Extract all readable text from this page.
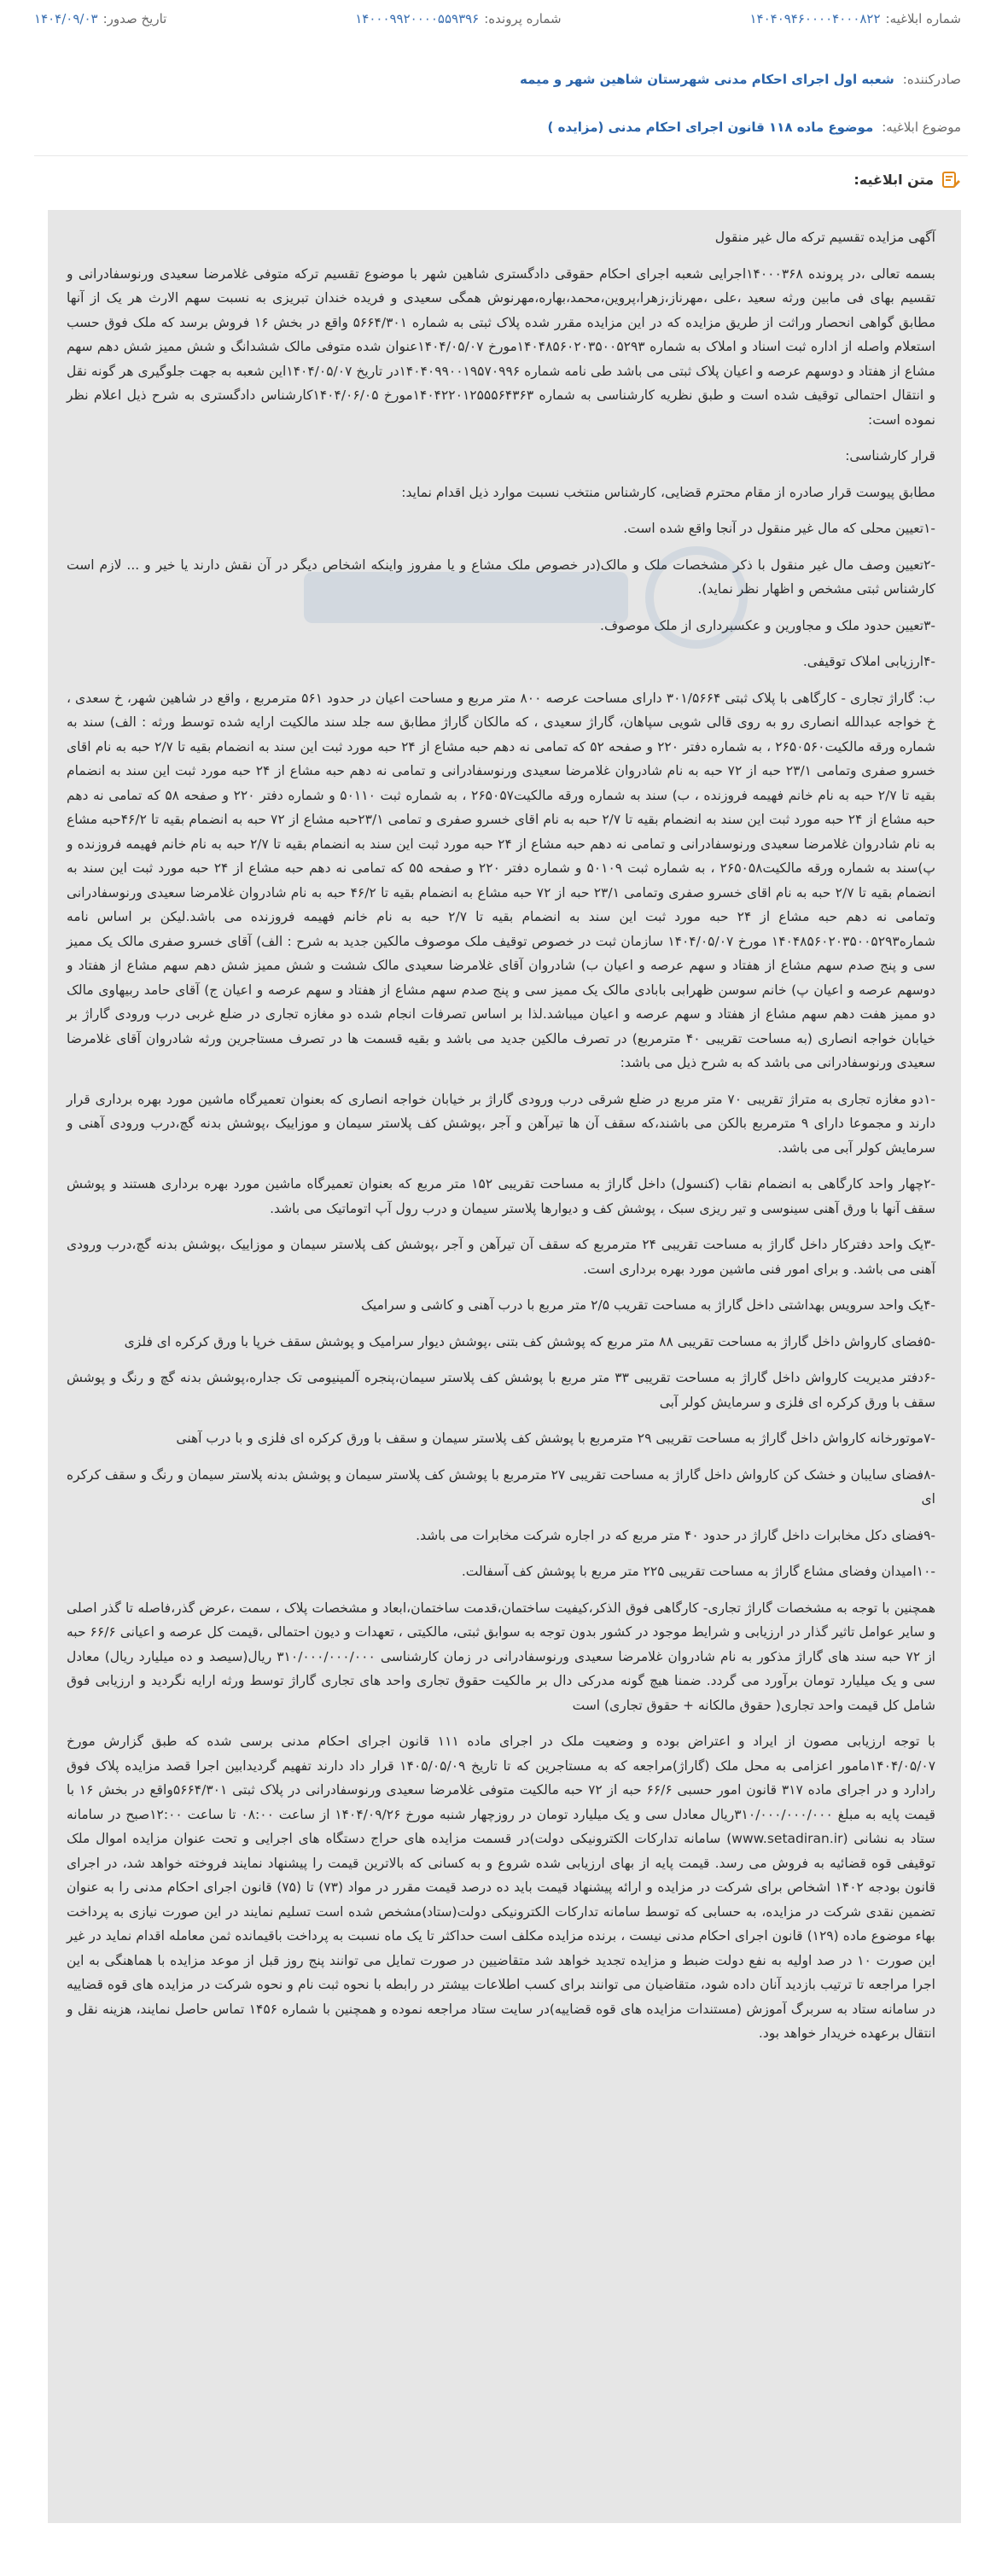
شماره ابلاغیه:
۱۴۰۴۰۹۴۶۰۰۰۰۴۰۰۰۸۲۲
شماره پرونده:
۱۴۰۰۰۹۹۲۰۰۰۰۵۵۹۳۹۶
تاریخ صدور:
۱۴۰۴/۰۹/۰۳
صادرکننده:
شعبه اول اجرای احکام مدنی شهرستان شاهین شهر و میمه
موضوع ابلاغیه:
موضوع ماده ۱۱۸ قانون اجرای احکام مدنی (مزایده )
متن ابلاغیه:

آگهی مزایده تقسیم ترکه مال غیر منقول

بسمه تعالی ،در پرونده ۱۴۰۰۰۳۶۸اجرایی شعبه اجرای احکام حقوقی دادگستری شاهین شهر با موضوع تقسیم ترکه متوفی غلامرضا سعیدی ورنوسفادرانی و تقسیم بهای فی مابین ورثه سعید ،علی ،مهرناز،زهرا،پروین،محمد،بهاره،مهرنوش همگی سعیدی و فریده خندان تبریزی به نسبت سهم الارث هر یک از آنها مطابق گواهی انحصار وراثت از طریق مزایده که در این مزایده مقرر شده پلاک ثبتی به شماره ۵۶۶۴/۳۰۱ واقع در بخش ۱۶ فروش برسد که ملک فوق حسب استعلام واصله از اداره ثبت اسناد و املاک به شماره ۱۴۰۴۸۵۶۰۲۰۳۵۰۰۵۲۹۳مورخ ۱۴۰۴/۰۵/۰۷عنوان شده متوفی مالک ششدانگ و شش ممیز شش دهم سهم مشاع از هفتاد و دوسهم عرصه و اعیان پلاک ثبتی می باشد طی نامه شماره ۱۴۰۴۰۹۹۰۰۱۹۵۷۰۹۹۶در تاریخ ۱۴۰۴/۰۵/۰۷این شعبه به جهت جلوگیری هر گونه نقل و انتقال احتمالی توقیف شده است و طبق نظریه کارشناسی به شماره ۱۴۰۴۲۲۰۱۲۵۵۵۶۴۳۶۳مورخ ۱۴۰۴/۰۶/۰۵کارشناس دادگستری به شرح ذیل اعلام نظر نموده است:

قرار کارشناسی:

مطابق پیوست قرار صادره از مقام محترم قضایی، کارشناس منتخب نسبت موارد ذیل اقدام نماید:

-۱تعیین محلی که مال غیر منقول در آنجا واقع شده است.

-۲تعیین وصف مال غیر منقول با ذکر مشخصات ملک و مالک(در خصوص ملک مشاع و یا مفروز واینکه اشخاص دیگر در آن نقش دارند یا خیر و ... لازم است کارشناس ثبتی مشخص و اظهار نظر نماید).

-۳تعیین حدود ملک و مجاورین و عکسبرداری از ملک موصوف.

-۴ارزیابی املاک توقیفی.

ب: گاراژ تجاری - کارگاهی با پلاک ثبتی ۳۰۱/۵۶۶۴ دارای مساحت عرصه ۸۰۰ متر مربع و مساحت اعیان در حدود ۵۶۱ مترمربع ، واقع در شاهین شهر، خ سعدی ، خ خواجه عبدالله انصاری رو به روی قالی شویی سپاهان، گاراژ سعیدی ، که مالکان گاراژ مطابق سه جلد سند مالکیت ارایه شده توسط ورثه : الف) سند به شماره ورقه مالکیت۲۶۵۰۵۶۰ ، به شماره دفتر ۲۲۰ و صفحه ۵۲ که تمامی نه دهم حبه مشاع از ۲۴ حبه مورد ثبت این سند به انضمام بقیه تا ۲/۷ حبه به نام اقای خسرو صفری وتمامی ۲۳/۱ حبه از ۷۲ حبه به نام شادروان غلامرضا سعیدی ورنوسفادرانی و تمامی نه دهم حبه مشاع از ۲۴ حبه مورد ثبت این سند به انضمام بقیه تا ۲/۷ حبه به نام خانم فهیمه فروزنده ، ب) سند به شماره ورقه مالکیت۲۶۵۰۵۷ ، به شماره ثبت ۵۰۱۱۰ و شماره دفتر ۲۲۰ و صفحه ۵۸ که تمامی نه دهم حبه مشاع از ۲۴ حبه مورد ثبت این سند به انضمام بقیه تا ۲/۷ حبه به نام اقای خسرو صفری و تمامی ۲۳/۱حبه مشاع از ۷۲ حبه به انضمام بقیه تا ۴۶/۲حبه مشاع به نام شادروان غلامرضا سعیدی ورنوسفادرانی و تمامی نه دهم حبه مشاع از ۲۴ حبه مورد ثبت این سند به انضمام بقیه تا ۲/۷ حبه به نام خانم فهیمه فروزنده و پ)سند به شماره ورقه مالکیت۲۶۵۰۵۸ ، به شماره ثبت ۵۰۱۰۹ و شماره دفتر ۲۲۰ و صفحه ۵۵ که تمامی نه دهم حبه مشاع از ۲۴ حبه مورد ثبت این سند به انضمام بقیه تا ۲/۷ حبه به نام اقای خسرو صفری وتمامی ۲۳/۱ حبه از ۷۲ حبه مشاع به انضمام بقیه تا ۴۶/۲ حبه به نام شادروان غلامرضا سعیدی ورنوسفادرانی وتمامی نه دهم حبه مشاع از ۲۴ حبه مورد ثبت این سند به انضمام بقیه تا ۲/۷ حبه به نام خانم فهیمه فروزنده می باشد.لیکن بر اساس نامه شماره۱۴۰۴۸۵۶۰۲۰۳۵۰۰۵۲۹۳ مورخ ۱۴۰۴/۰۵/۰۷ سازمان ثبت در خصوص توقیف ملک موصوف مالکین جدید به شرح : الف) آقای خسرو صفری مالک یک ممیز سی و پنج صدم سهم مشاع از هفتاد و سهم عرصه و اعیان ب) شادروان آقای غلامرضا سعیدی مالک ششت و شش ممیز شش دهم سهم مشاع از هفتاد و دوسهم عرصه و اعیان پ) خانم سوسن ظهرابی بابادی مالک یک ممیز سی و پنج صدم سهم مشاع از هفتاد و سهم عرصه و اعیان ج) آقای حامد ربیهاوی مالک دو ممیز هفت دهم سهم مشاع از هفتاد و سهم عرصه و اعیان میباشد.لذا بر اساس تصرفات انجام شده دو مغازه تجاری در ضلع غربی درب ورودی گاراژ بر خیابان خواجه انصاری (به مساحت تقریبی ۴۰ مترمربع) در تصرف مالکین جدید می باشد و بقیه قسمت ها در تصرف مستاجرین ورثه شادروان آقای غلامرضا سعیدی ورنوسفادرانی می باشد که به شرح ذیل می باشد:

-۱دو مغازه تجاری به متراژ تقریبی ۷۰ متر مربع در ضلع شرقی درب ورودی گاراژ بر خیابان خواجه انصاری که بعنوان تعمیرگاه ماشین مورد بهره برداری قرار دارند و مجموعا دارای ۹ مترمربع بالکن می باشند،که سقف آن ها تیرآهن و آجر ،پوشش کف پلاستر سیمان و موزاییک ،پوشش بدنه گچ،درب ورودی آهنی و سرمایش کولر آبی می باشد.

-۲چهار واحد کارگاهی به انضمام نقاب (کنسول) داخل گاراژ به مساحت تقریبی ۱۵۲ متر مربع که بعنوان تعمیرگاه ماشین مورد بهره برداری هستند و پوشش سقف آنها با ورق آهنی سینوسی و تیر ریزی سبک ، پوشش کف و دیوارها پلاستر سیمان و درب رول آپ اتوماتیک می باشد.

-۳یک واحد دفترکار داخل گاراژ به مساحت تقریبی ۲۴ مترمربع که سقف آن تیرآهن و آجر ،پوشش کف پلاستر سیمان و موزاییک ،پوشش بدنه گچ،درب ورودی آهنی می باشد. و برای امور فنی ماشین مورد بهره برداری است.

-۴یک واحد سرویس بهداشتی داخل گاراژ به مساحت تقریب ۲/۵ متر مربع با درب آهنی و کاشی و سرامیک

-۵فضای کارواش داخل گاراژ به مساحت تقریبی ۸۸ متر مربع که پوشش کف بتنی ،پوشش دیوار سرامیک و پوشش سقف خرپا با ورق کرکره ای فلزی

-۶دفتر مدیریت کارواش داخل گاراژ به مساحت تقریبی ۳۳ متر مربع با پوشش کف پلاستر سیمان،پنجره آلمینیومی تک جداره،پوشش بدنه گچ و رنگ و پوشش سقف با ورق کرکره ای فلزی و سرمایش کولر آبی

-۷موتورخانه کارواش داخل گاراژ به مساحت تقریبی ۲۹ مترمربع با پوشش کف پلاستر سیمان و سقف با ورق کرکره ای فلزی و با درب آهنی

-۸فضای سایبان و خشک کن کارواش داخل گاراژ به مساحت تقریبی ۲۷ مترمربع با پوشش کف پلاستر سیمان و پوشش بدنه پلاستر سیمان و رنگ و سقف کرکره ای

-۹فضای دکل مخابرات داخل گاراژ در حدود ۴۰ متر مربع که در اجاره شرکت مخابرات می باشد.

-۱۰امیدان وفضای مشاع گاراژ به مساحت تقریبی ۲۲۵ متر مربع با پوشش کف آسفالت.

همچنین با توجه به مشخصات گاراژ تجاری- کارگاهی فوق الذکر،کیفیت ساختمان،قدمت ساختمان،ابعاد و مشخصات پلاک ، سمت ،عرض گذر،فاصله تا گذر اصلی و سایر عوامل تاثیر گذار در ارزیابی و شرایط موجود در کشور بدون توجه به سوابق ثبتی، مالکیتی ، تعهدات و دیون احتمالی ،قیمت کل عرصه و اعیانی ۶۶/۶ حبه از ۷۲ حبه سند های گاراژ مذکور به نام شادروان غلامرضا سعیدی ورنوسفادرانی در زمان کارشناسی ۳۱۰/۰۰۰/۰۰۰/۰۰۰ ریال(سیصد و ده میلیارد ریال) معادل سی و یک میلیارد تومان برآورد می گردد. ضمنا هیچ گونه مدرکی دال بر مالکیت حقوق تجاری واحد های تجاری گاراژ توسط ورثه ارایه نگردید و ارزیابی فوق شامل کل قیمت واحد تجاری( حقوق مالکانه + حقوق تجاری) است

با توجه ارزیابی مصون از ایراد و اعتراض بوده و وضعیت ملک در اجرای ماده ۱۱۱ قانون اجرای احکام مدنی برسی شده که طبق گزارش مورخ ۱۴۰۴/۰۵/۰۷مامور اعزامی به محل ملک (گاراژ)مراجعه که به مستاجرین که تا تاریخ ۱۴۰۵/۰۵/۰۹ قرار داد دارند تفهیم گردیدابین اجرا قصد مزایده پلاک فوق رادارد و در اجرای ماده ۳۱۷ قانون امور حسبی ۶۶/۶ حبه از ۷۲ حبه مالکیت متوفی غلامرضا سعیدی ورنوسفادرانی در پلاک ثبتی ۵۶۶۴/۳۰۱واقع در بخش ۱۶ با قیمت پایه به مبلغ ۳۱۰/۰۰۰/۰۰۰/۰۰۰ریال معادل سی و یک میلیارد تومان در روزچهار شنبه مورخ ۱۴۰۴/۰۹/۲۶ از ساعت ۰۸:۰۰ تا ساعت ۱۲:۰۰صبح در سامانه ستاد به نشانی (www.setadiran.ir) سامانه تدارکات الکترونیکی دولت)در قسمت مزایده های حراج دستگاه های اجرایی و تحت عنوان مزایده اموال ملک توقیفی قوه قضائیه به فروش می رسد. قیمت پایه از بهای ارزیابی شده شروع و به کسانی که بالاترین قیمت را پیشنهاد نمایند فروخته خواهد شد، در اجرای قانون بودجه ۱۴۰۲ اشخاص برای شرکت در مزایده و ارائه پیشنهاد قیمت باید ده درصد قیمت مقرر در مواد (۷۳) تا (۷۵) قانون اجرای احکام مدنی را به عنوان تضمین نقدی شرکت در مزایده، به حسابی که توسط سامانه تدارکات الکترونیکی دولت(ستاد)مشخص شده است تسلیم نمایند در این صورت نیازی به پرداخت بهاء موضوع ماده (۱۲۹) قانون اجرای احکام مدنی نیست ، برنده مزایده مکلف است حداکثر تا یک ماه نسبت به پرداخت باقیمانده ثمن معامله اقدام نماید در غیر این صورت ۱۰ در صد اولیه به نفع دولت ضبط و مزایده تجدید خواهد شد متقاضیین در صورت تمایل می توانند پنج روز قبل از موعد مزایده با هماهنگی به این اجرا مراجعه تا ترتیب بازدید آنان داده شود، متقاضیان می توانند برای کسب اطلاعات بیشتر در رابطه با نحوه ثبت نام و نحوه شرکت در مزایده های قوه قضاییه در سامانه ستاد به سربرگ آموزش (مستندات مزایده های قوه قضاییه)در سایت ستاد مراجعه نموده و همچنین با شماره ۱۴۵۶ تماس حاصل نمایند، هزینه نقل و انتقال برعهده خریدار خواهد بود.
